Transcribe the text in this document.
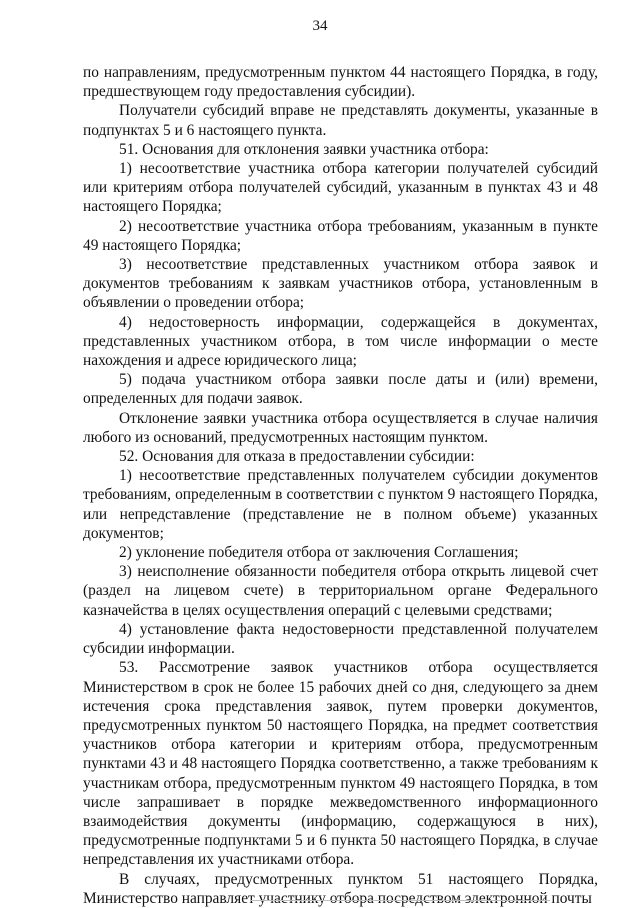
34

по направлениям, предусмотренным пунктом 44 настоящего Порядка, в году, предшествующем году предоставления субсидии).

Получатели субсидий вправе не представлять документы, указанные в подпунктах 5 и 6 настоящего пункта.

51. Основания для отклонения заявки участника отбора:

1) несоответствие участника отбора категории получателей субсидий или критериям отбора получателей субсидий, указанным в пунктах 43 и 48 настоящего Порядка;

2) несоответствие участника отбора требованиям, указанным в пункте 49 настоящего Порядка;

3) несоответствие представленных участником отбора заявок и документов требованиям к заявкам участников отбора, установленным в объявлении о проведении отбора;

4) недостоверность информации, содержащейся в документах, представленных участником отбора, в том числе информации о месте нахождения и адресе юридического лица;

5) подача участником отбора заявки после даты и (или) времени, определенных для подачи заявок.

Отклонение заявки участника отбора осуществляется в случае наличия любого из оснований, предусмотренных настоящим пунктом.

52. Основания для отказа в предоставлении субсидии:

1) несоответствие представленных получателем субсидии документов требованиям, определенным в соответствии с пунктом 9 настоящего Порядка, или непредставление (представление не в полном объеме) указанных документов;

2) уклонение победителя отбора от заключения Соглашения;

3) неисполнение обязанности победителя отбора открыть лицевой счет (раздел на лицевом счете) в территориальном органе Федерального казначейства в целях осуществления операций с целевыми средствами;

4) установление факта недостоверности представленной получателем субсидии информации.

53. Рассмотрение заявок участников отбора осуществляется Министерством в срок не более 15 рабочих дней со дня, следующего за днем истечения срока представления заявок, путем проверки документов, предусмотренных пунктом 50 настоящего Порядка, на предмет соответствия участников отбора категории и критериям отбора, предусмотренным пунктами 43 и 48 настоящего Порядка соответственно, а также требованиям к участникам отбора, предусмотренным пунктом 49 настоящего Порядка, в том числе запрашивает в порядке межведомственного информационного взаимодействия документы (информацию, содержащуюся в них), предусмотренные подпунктами 5 и 6 пункта 50 настоящего Порядка, в случае непредставления их участниками отбора.

В случаях, предусмотренных пунктом 51 настоящего Порядка, Министерство направляет участнику отбора посредством электронной почты
